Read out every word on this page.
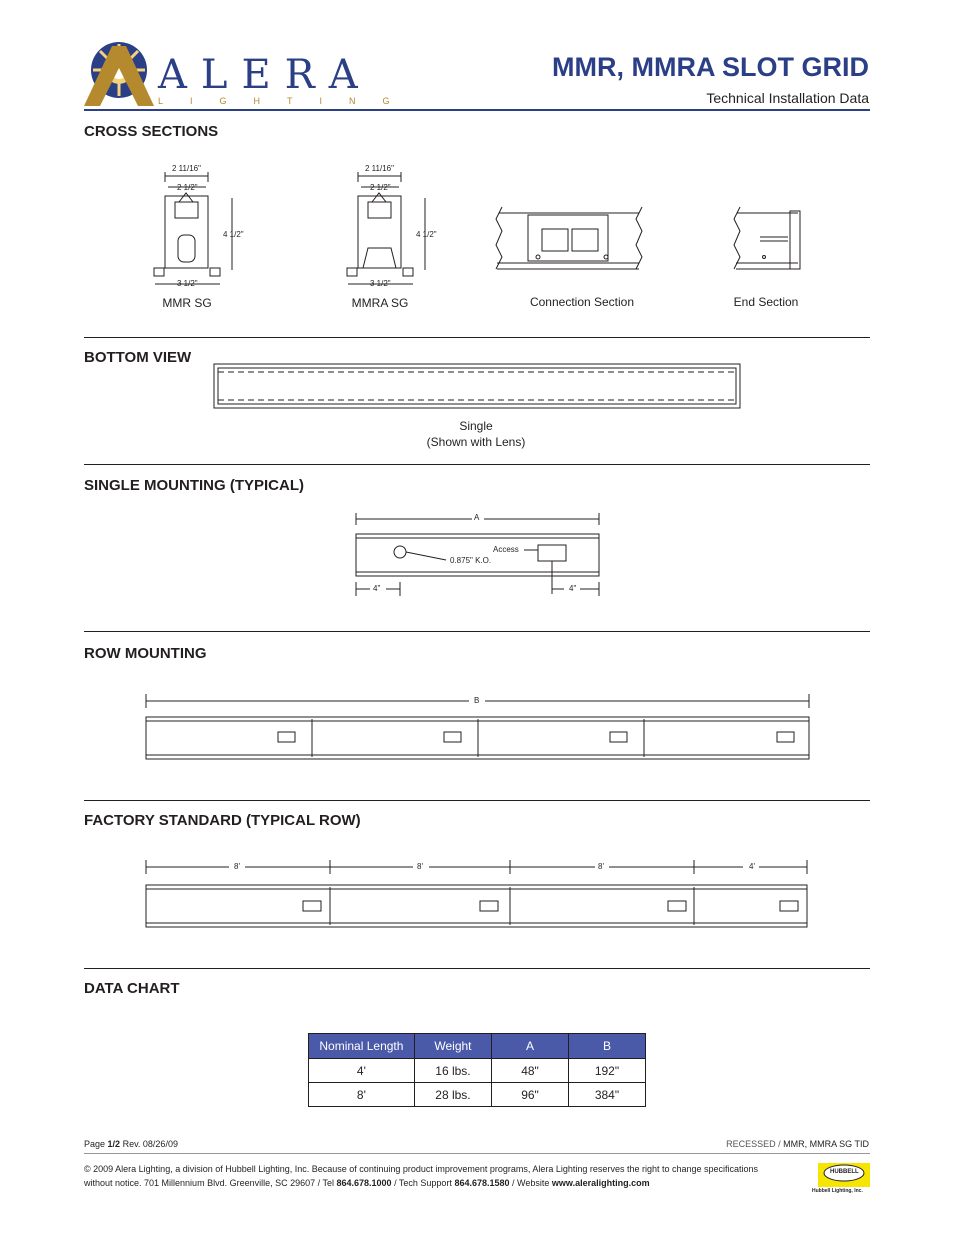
ALERA
LIGHTING
MMR, MMRA SLOT GRID
Technical Installation Data
CROSS SECTIONS
2 11/16"
2 1/2"
4 1/2"
3 1/2"
MMR SG
2 11/16"
2 1/2"
4 1/2"
3 1/2"
MMRA SG	Connection Section	End Section
BOTTOM VIEW
Single
(Shown with Lens)
SINGLE MOUNTING (TYPICAL)
A
Access
0.875" K.O.
4"	4"
ROW MOUNTING
B
FACTORY STANDARD (TYPICAL ROW)
8'	8'	8'	4'
DATA CHART
Nominal Length	Weight	A	B
4'	16 lbs.	48"	192"
8'	28 lbs.	96"	384"
Page 1/2 Rev. 08/26/09	RECESSED / MMR, MMRA SG TID
© 2009 Alera Lighting, a division of Hubbell Lighting, Inc. Because of continuing product improvement programs, Alera Lighting reserves the right to change specifications
without notice. 701 Millennium Blvd. Greenville, SC 29607 / Tel 864.678.1000 / Tech Support 864.678.1580 / Website www.aleralighting.com
HUBBELL
Hubbell Lighting, Inc.
